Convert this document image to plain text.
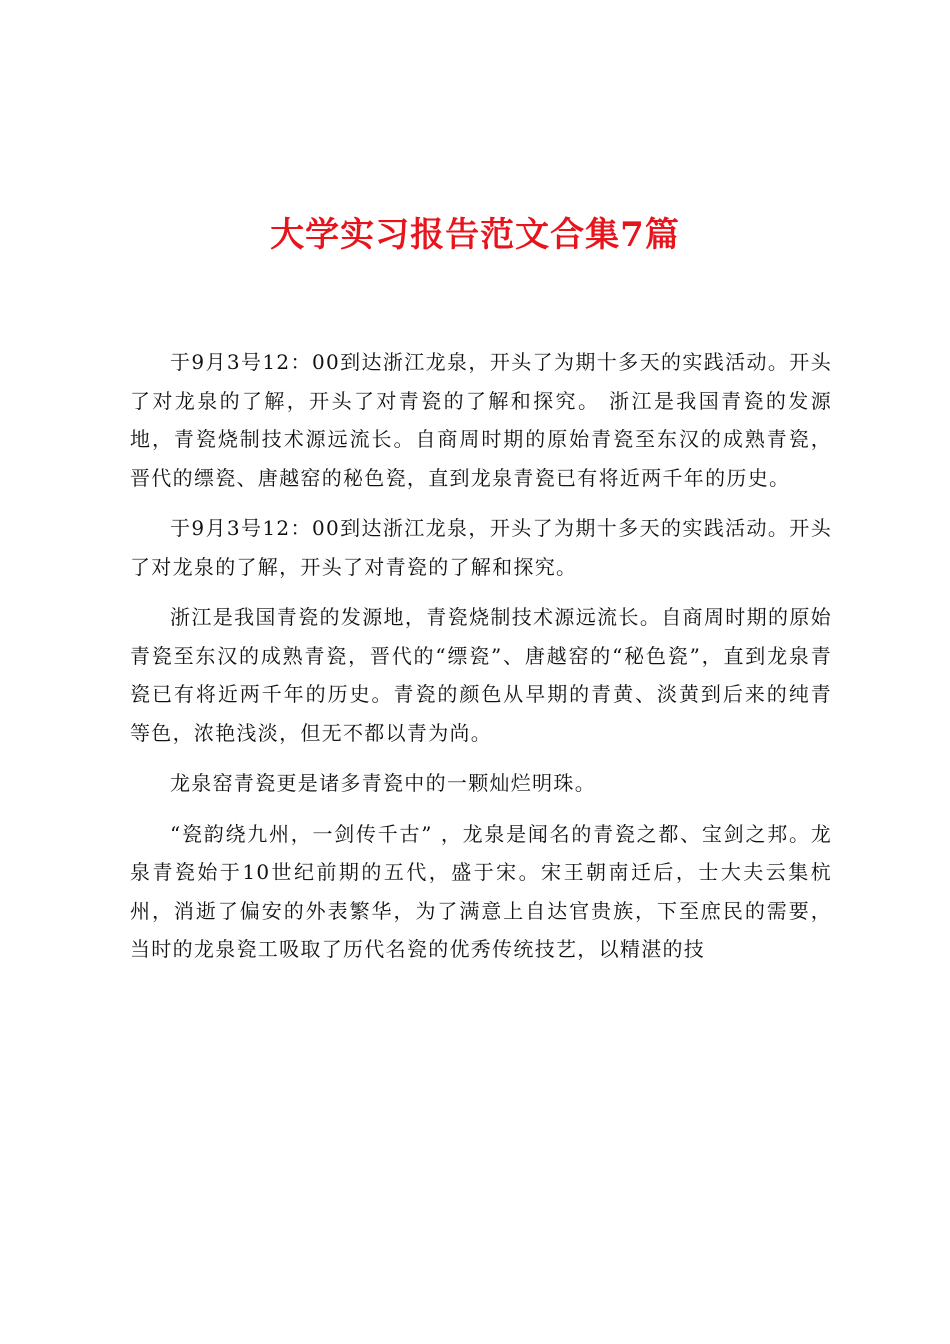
大学实习报告范文合集7篇

于9月3号12：00到达浙江龙泉，开头了为期十多天的实践活动。开头了对龙泉的了解，开头了对青瓷的了解和探究。 浙江是我国青瓷的发源地，青瓷烧制技术源远流长。自商周时期的原始青瓷至东汉的成熟青瓷，晋代的缥瓷、唐越窑的秘色瓷，直到龙泉青瓷已有将近两千年的历史。

于9月3号12：00到达浙江龙泉，开头了为期十多天的实践活动。开头了对龙泉的了解，开头了对青瓷的了解和探究。

浙江是我国青瓷的发源地，青瓷烧制技术源远流长。自商周时期的原始青瓷至东汉的成熟青瓷，晋代的“缥瓷”、唐越窑的“秘色瓷”，直到龙泉青瓷已有将近两千年的历史。青瓷的颜色从早期的青黄、淡黄到后来的纯青等色，浓艳浅淡，但无不都以青为尚。

龙泉窑青瓷更是诸多青瓷中的一颗灿烂明珠。

“瓷韵绕九州，一剑传千古” ，龙泉是闻名的青瓷之都、宝剑之邦。龙泉青瓷始于10世纪前期的五代，盛于宋。宋王朝南迁后，士大夫云集杭州，消逝了偏安的外表繁华，为了满意上自达官贵族，下至庶民的需要，当时的龙泉瓷工吸取了历代名瓷的优秀传统技艺，以精湛的技
